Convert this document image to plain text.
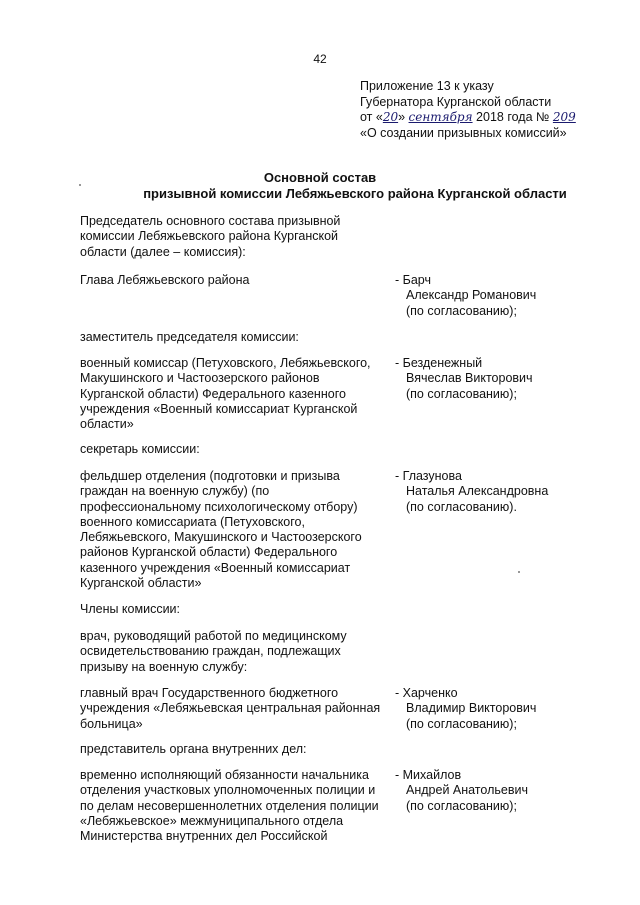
42
Приложение 13 к указу
Губернатора Курганской области
от «20» сентября 2018 года № 209
«О создании призывных комиссий»
Основной состав
призывной комиссии Лебяжьевского района Курганской области
Председатель основного состава призывной
комиссии Лебяжьевского района Курганской
области (далее – комиссия):
Глава Лебяжьевского района	- Барч
Александр Романович
(по согласованию);
заместитель председателя комиссии:
военный комиссар (Петуховского, Лебяжьевского,
Макушинского и Частоозерского районов
Курганской области) Федерального казенного
учреждения «Военный комиссариат Курганской
области»
- Безденежный
Вячеслав Викторович
(по согласованию);
секретарь комиссии:
фельдшер отделения (подготовки и призыва
граждан на военную службу) (по
профессиональному психологическому отбору)
военного комиссариата (Петуховского,
Лебяжьевского, Макушинского и Частоозерского
районов Курганской области) Федерального
казенного учреждения «Военный комиссариат
Курганской области»
- Глазунова
Наталья Александровна
(по согласованию).
Члены комиссии:
врач, руководящий работой по медицинскому
освидетельствованию граждан, подлежащих
призыву на военную службу:
главный врач Государственного бюджетного
учреждения «Лебяжьевская центральная районная
больница»
- Харченко
Владимир Викторович
(по согласованию);
представитель органа внутренних дел:
временно исполняющий обязанности начальника
отделения участковых уполномоченных полиции и
по делам несовершеннолетних отделения полиции
«Лебяжьевское» межмуниципального отдела
Министерства внутренних дел Российской
- Михайлов
Андрей Анатольевич
(по согласованию);
